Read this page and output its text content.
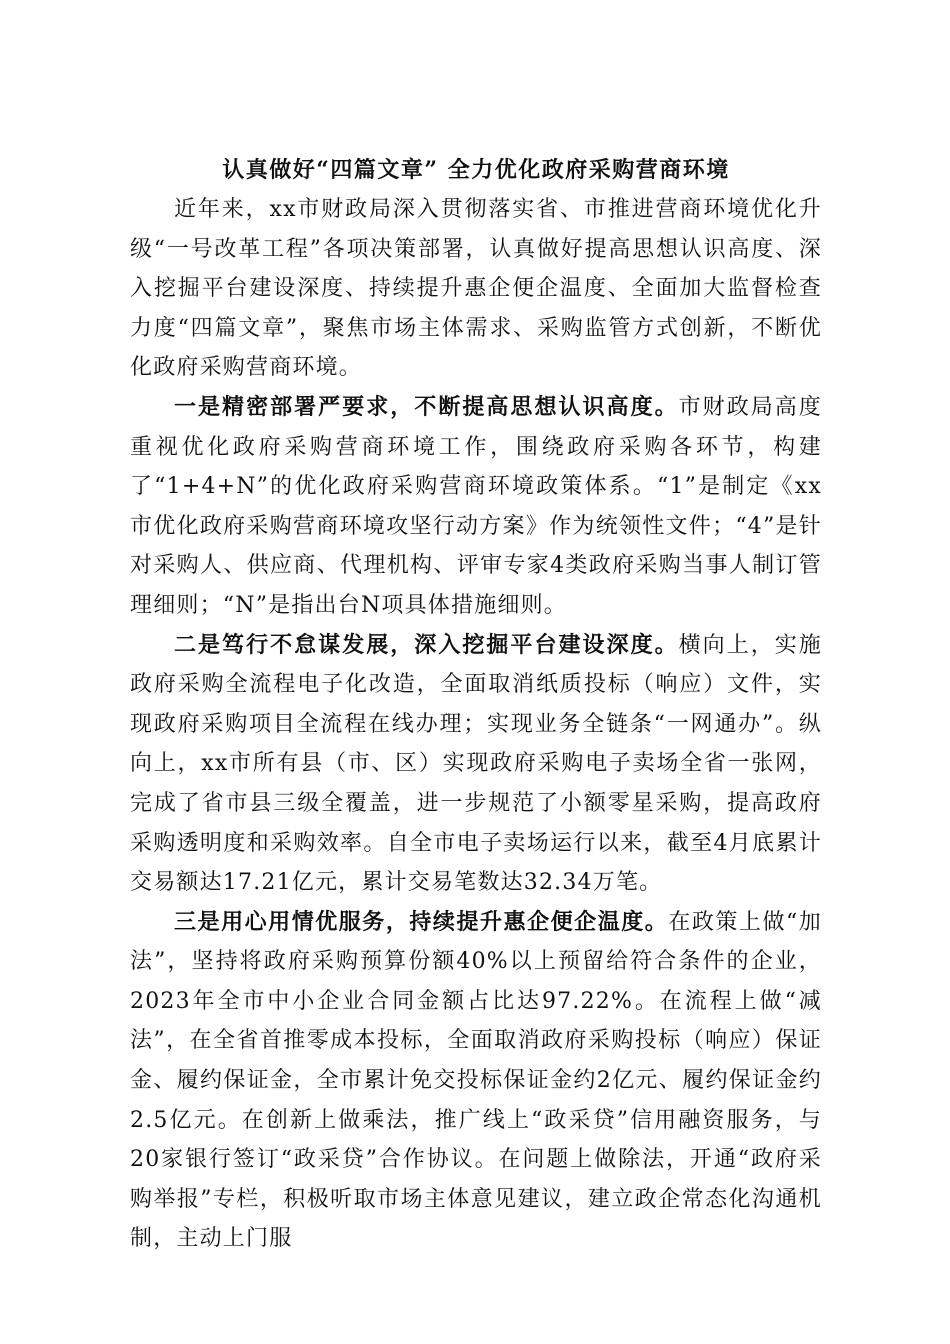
认真做好“四篇文章” 全力优化政府采购营商环境

近年来，xx市财政局深入贯彻落实省、市推进营商环境优化升级“一号改革工程”各项决策部署，认真做好提高思想认识高度、深入挖掘平台建设深度、持续提升惠企便企温度、全面加大监督检查力度“四篇文章”，聚焦市场主体需求、采购监管方式创新，不断优化政府采购营商环境。

一是精密部署严要求，不断提高思想认识高度。市财政局高度重视优化政府采购营商环境工作，围绕政府采购各环节，构建了“1+4+N”的优化政府采购营商环境政策体系。“1”是制定《xx市优化政府采购营商环境攻坚行动方案》作为统领性文件；“4”是针对采购人、供应商、代理机构、评审专家4类政府采购当事人制订管理细则；“N”是指出台N项具体措施细则。

二是笃行不怠谋发展，深入挖掘平台建设深度。横向上，实施政府采购全流程电子化改造，全面取消纸质投标（响应）文件，实现政府采购项目全流程在线办理；实现业务全链条“一网通办”。纵向上，xx市所有县（市、区）实现政府采购电子卖场全省一张网，完成了省市县三级全覆盖，进一步规范了小额零星采购，提高政府采购透明度和采购效率。自全市电子卖场运行以来，截至4月底累计交易额达17.21亿元，累计交易笔数达32.34万笔。

三是用心用情优服务，持续提升惠企便企温度。在政策上做“加法”，坚持将政府采购预算份额40%以上预留给符合条件的企业，2023年全市中小企业合同金额占比达97.22%。在流程上做“减法”，在全省首推零成本投标，全面取消政府采购投标（响应）保证金、履约保证金，全市累计免交投标保证金约2亿元、履约保证金约2.5亿元。在创新上做乘法，推广线上“政采贷”信用融资服务，与20家银行签订“政采贷”合作协议。在问题上做除法，开通“政府采购举报”专栏，积极听取市场主体意见建议，建立政企常态化沟通机制，主动上门服
